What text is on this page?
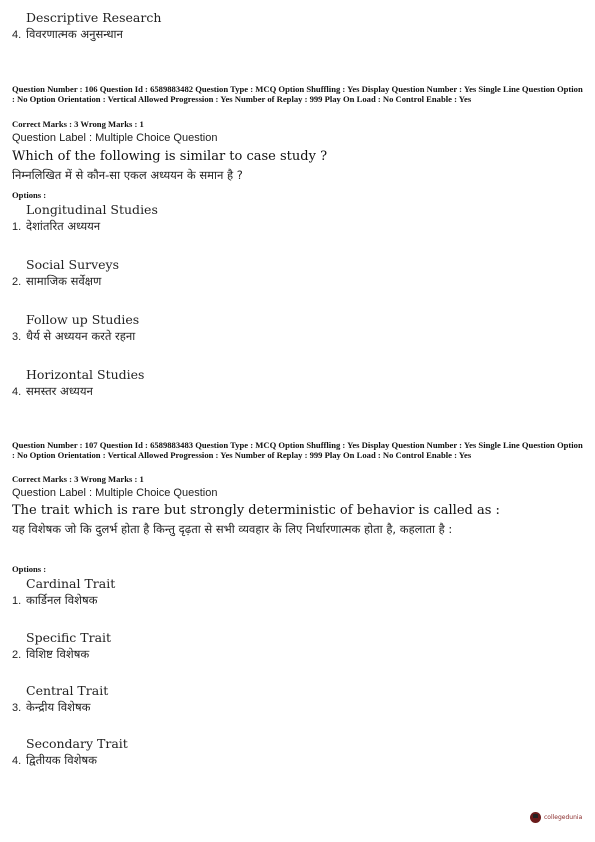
Descriptive Research
4. विवरणात्मक अनुसन्धान
Question Number : 106 Question Id : 6589883482 Question Type : MCQ Option Shuffling : Yes Display Question Number : Yes Single Line Question Option : No Option Orientation : Vertical Allowed Progression : Yes Number of Replay : 999 Play On Load : No Control Enable : Yes
Correct Marks : 3 Wrong Marks : 1
Question Label : Multiple Choice Question
Which of the following is similar to case study ?
निम्नलिखित में से कौन-सा एकल अध्ययन के समान है ?
Options :
Longitudinal Studies
1. देशांतरित अध्ययन
Social Surveys
2. सामाजिक सर्वेक्षण
Follow up Studies
3. धैर्य से अध्ययन करते रहना
Horizontal Studies
4. समस्तर अध्ययन
Question Number : 107 Question Id : 6589883483 Question Type : MCQ Option Shuffling : Yes Display Question Number : Yes Single Line Question Option : No Option Orientation : Vertical Allowed Progression : Yes Number of Replay : 999 Play On Load : No Control Enable : Yes
Correct Marks : 3 Wrong Marks : 1
Question Label : Multiple Choice Question
The trait which is rare but strongly deterministic of behavior is called as :
यह विशेषक जो कि दुलर्भ होता है किन्तु दृढ़ता से सभी व्यवहार के लिए निर्धारणात्मक होता है, कहलाता है :
Options :
Cardinal Trait
1. कार्डिनल विशेषक
Specific Trait
2. विशिष्ट विशेषक
Central Trait
3. केन्द्रीय विशेषक
Secondary Trait
4. द्वितीयक विशेषक
collegedunia
